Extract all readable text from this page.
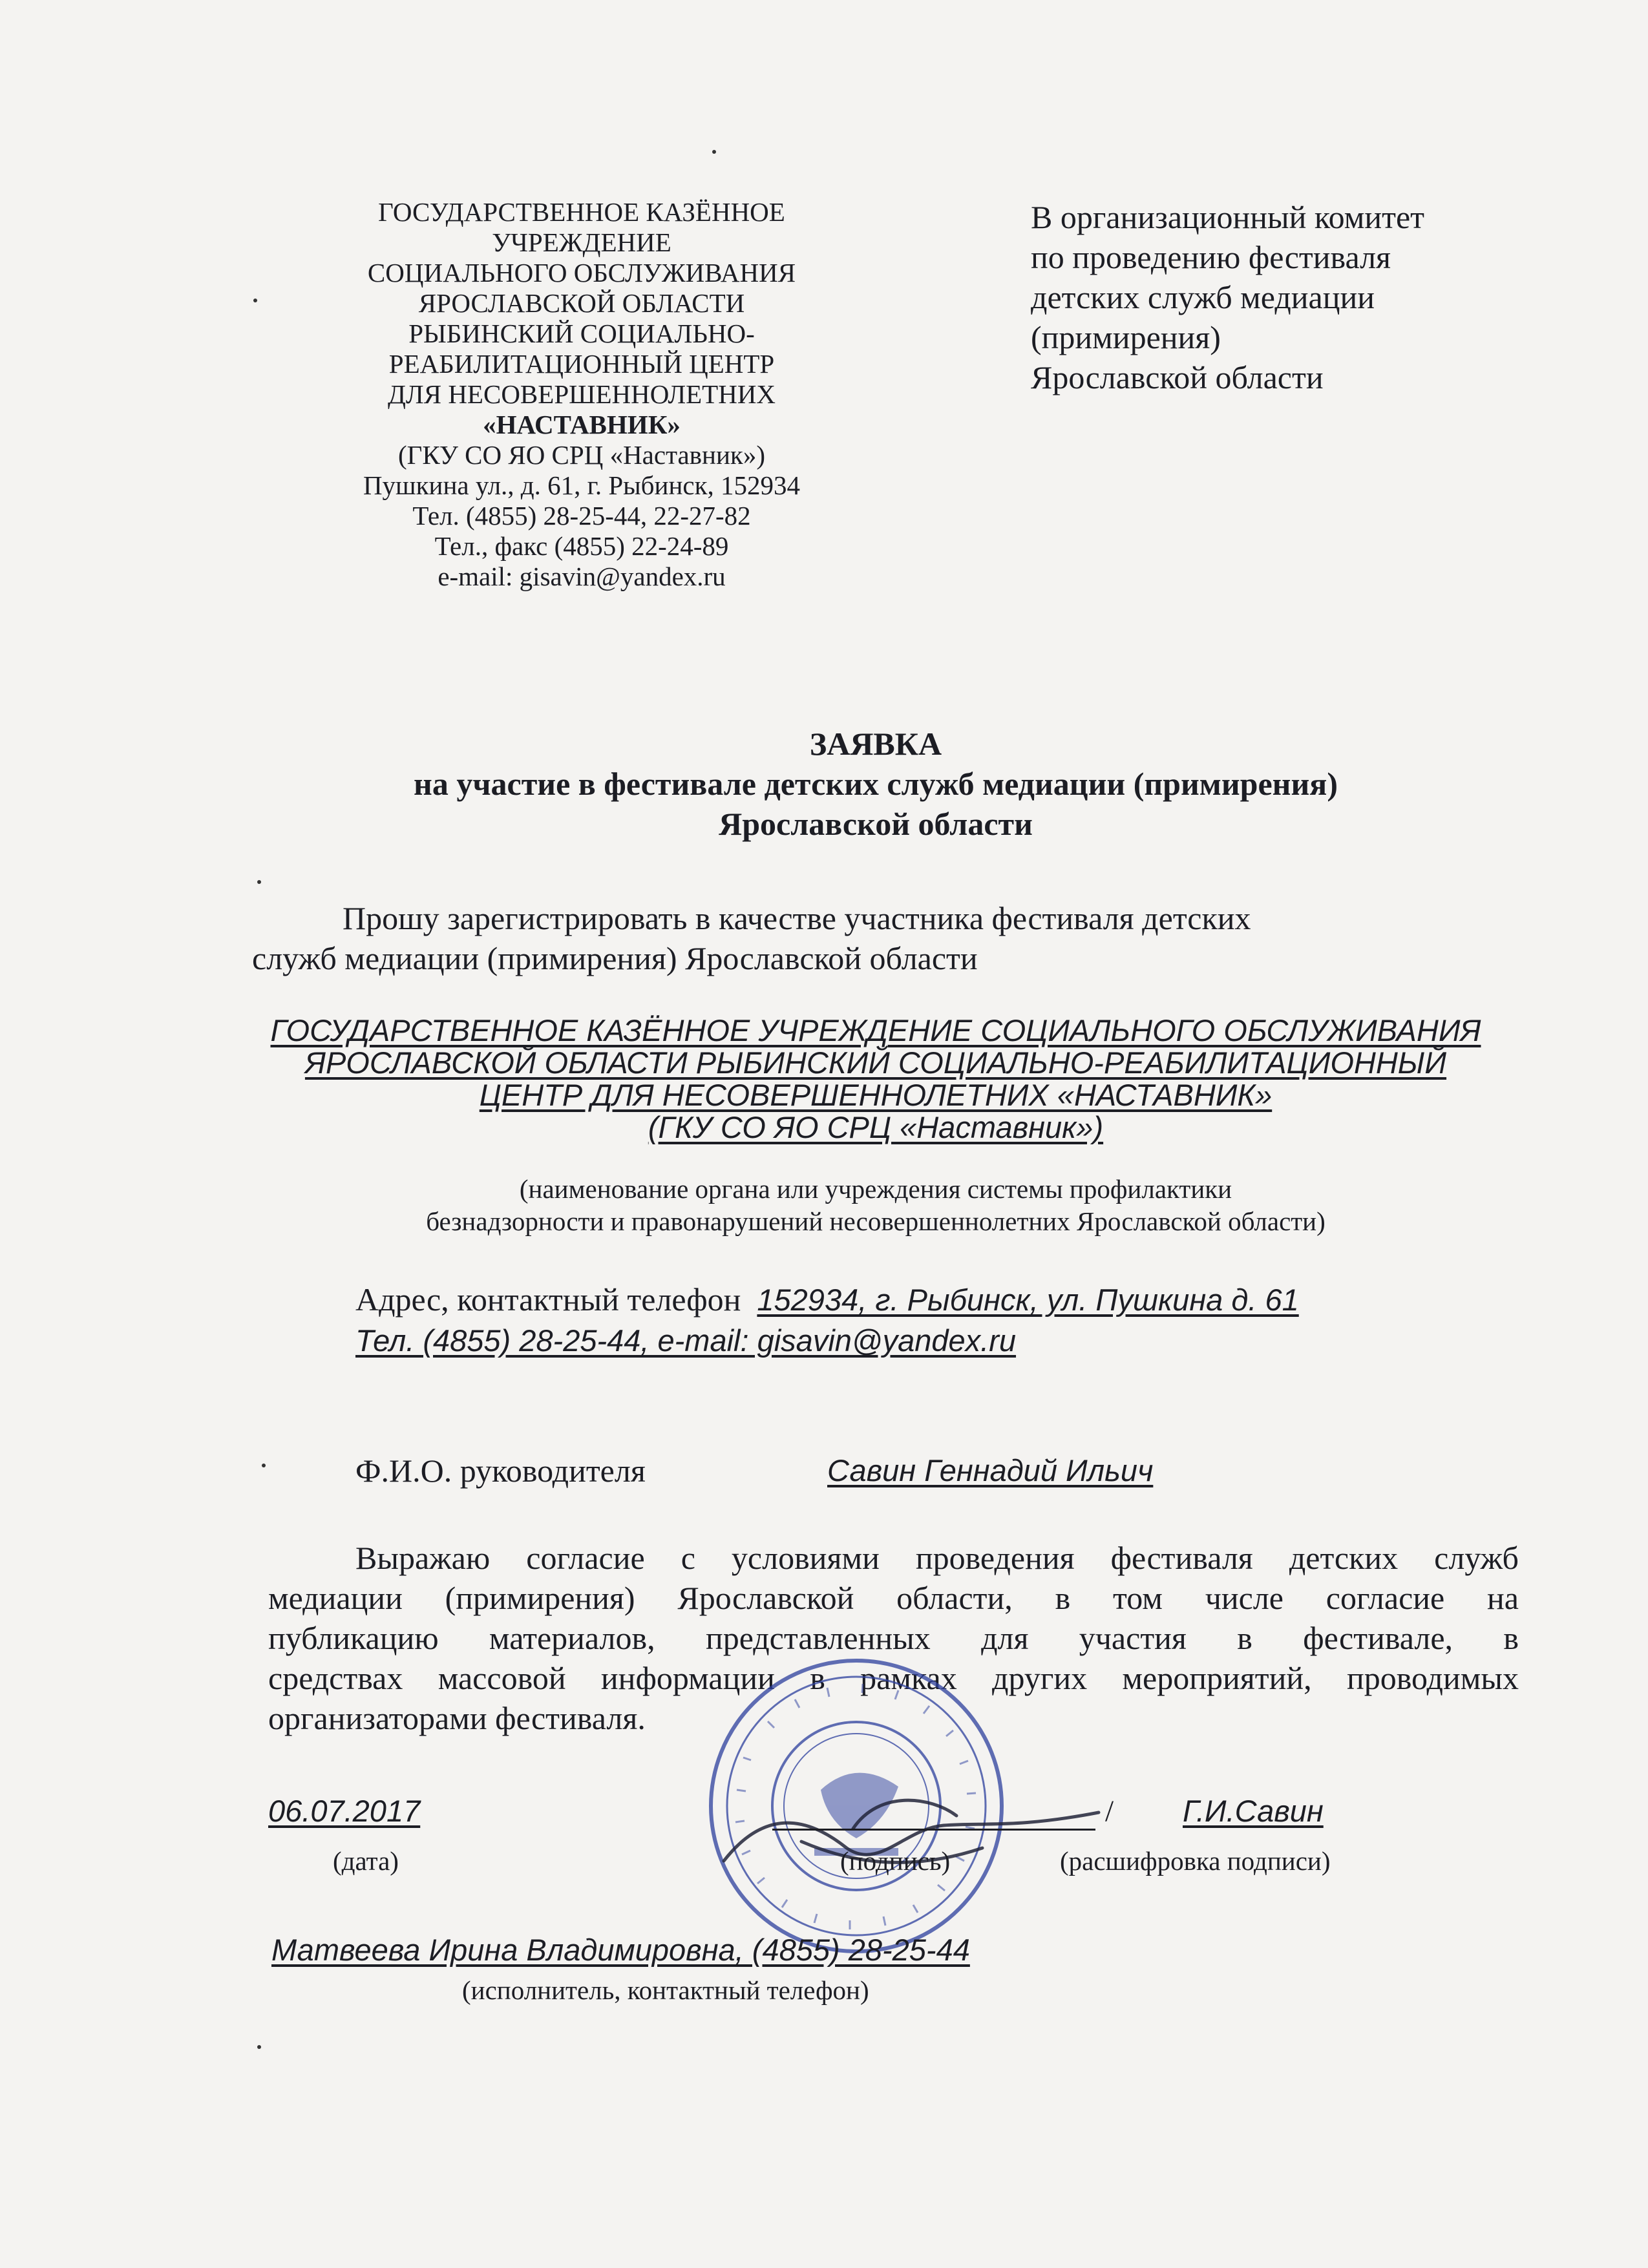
ГОСУДАРСТВЕННОЕ КАЗЁННОЕ
УЧРЕЖДЕНИЕ
СОЦИАЛЬНОГО ОБСЛУЖИВАНИЯ
ЯРОСЛАВСКОЙ ОБЛАСТИ
РЫБИНСКИЙ СОЦИАЛЬНО-
РЕАБИЛИТАЦИОННЫЙ ЦЕНТР
ДЛЯ НЕСОВЕРШЕННОЛЕТНИХ
«НАСТАВНИК»
(ГКУ СО ЯО СРЦ «Наставник»)
Пушкина ул., д. 61, г. Рыбинск, 152934
Тел. (4855) 28-25-44, 22-27-82
Тел., факс (4855) 22-24-89
e-mail: gisavin@yandex.ru
В организационный комитет
по проведению фестиваля
детских служб медиации
(примирения)
Ярославской области
ЗАЯВКА
на участие в фестивале детских служб медиации (примирения)
Ярославской области
Прошу зарегистрировать в качестве участника фестиваля детских
служб медиации (примирения) Ярославской области
ГОСУДАРСТВЕННОЕ КАЗЁННОЕ УЧРЕЖДЕНИЕ СОЦИАЛЬНОГО ОБСЛУЖИВАНИЯ
ЯРОСЛАВСКОЙ ОБЛАСТИ РЫБИНСКИЙ СОЦИАЛЬНО-РЕАБИЛИТАЦИОННЫЙ
ЦЕНТР ДЛЯ НЕСОВЕРШЕННОЛЕТНИХ «НАСТАВНИК»
(ГКУ СО ЯО СРЦ «Наставник»)
(наименование органа или учреждения системы профилактики
безнадзорности и правонарушений несовершеннолетних Ярославской области)
Адрес, контактный телефон 152934, г. Рыбинск, ул. Пушкина д. 61
Тел. (4855) 28-25-44, e-mail: gisavin@yandex.ru
Ф.И.О. руководителя	Савин Геннадий Ильич
Выражаю согласие с условиями проведения фестиваля детских служб
медиации (примирения) Ярославской области, в том числе согласие на
публикацию материалов, представленных для участия в фестивале, в
средствах массовой информации в рамках других мероприятий, проводимых
организаторами фестиваля.
06.07.2017
(дата)
/ Г.И.Савин
(подпись)	(расшифровка подписи)
Матвеева Ирина Владимировна, (4855) 28-25-44
(исполнитель, контактный телефон)
